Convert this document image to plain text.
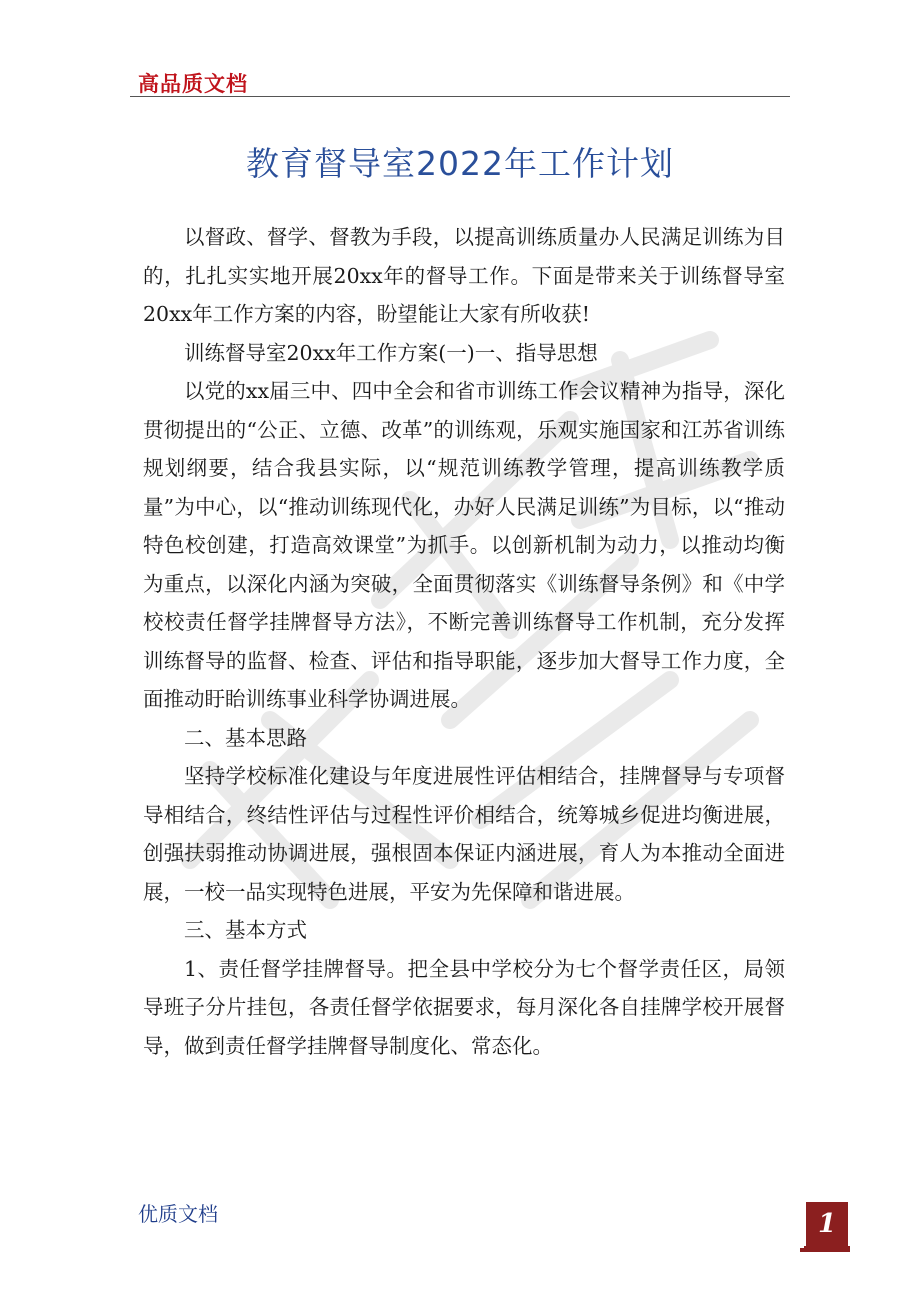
高品质文档
教育督导室2022年工作计划

以督政、督学、督教为手段，以提高训练质量办人民满足训练为目的，扎扎实实地开展20xx年的督导工作。下面是带来关于训练督导室20xx年工作方案的内容，盼望能让大家有所收获!

训练督导室20xx年工作方案(一)一、指导思想

以党的xx届三中、四中全会和省市训练工作会议精神为指导，深化贯彻提出的“公正、立德、改革”的训练观，乐观实施国家和江苏省训练规划纲要，结合我县实际，以“规范训练教学管理，提高训练教学质量”为中心，以“推动训练现代化，办好人民满足训练”为目标，以“推动特色校创建，打造高效课堂”为抓手。以创新机制为动力，以推动均衡为重点，以深化内涵为突破，全面贯彻落实《训练督导条例》和《中学校校责任督学挂牌督导方法》，不断完善训练督导工作机制，充分发挥训练督导的监督、检查、评估和指导职能，逐步加大督导工作力度，全面推动盱眙训练事业科学协调进展。

二、基本思路

坚持学校标准化建设与年度进展性评估相结合，挂牌督导与专项督导相结合，终结性评估与过程性评价相结合，统筹城乡促进均衡进展，创强扶弱推动协调进展，强根固本保证内涵进展，育人为本推动全面进展，一校一品实现特色进展，平安为先保障和谐进展。

三、基本方式

1、责任督学挂牌督导。把全县中学校分为七个督学责任区，局领导班子分片挂包，各责任督学依据要求，每月深化各自挂牌学校开展督导，做到责任督学挂牌督导制度化、常态化。

优质文档	1
